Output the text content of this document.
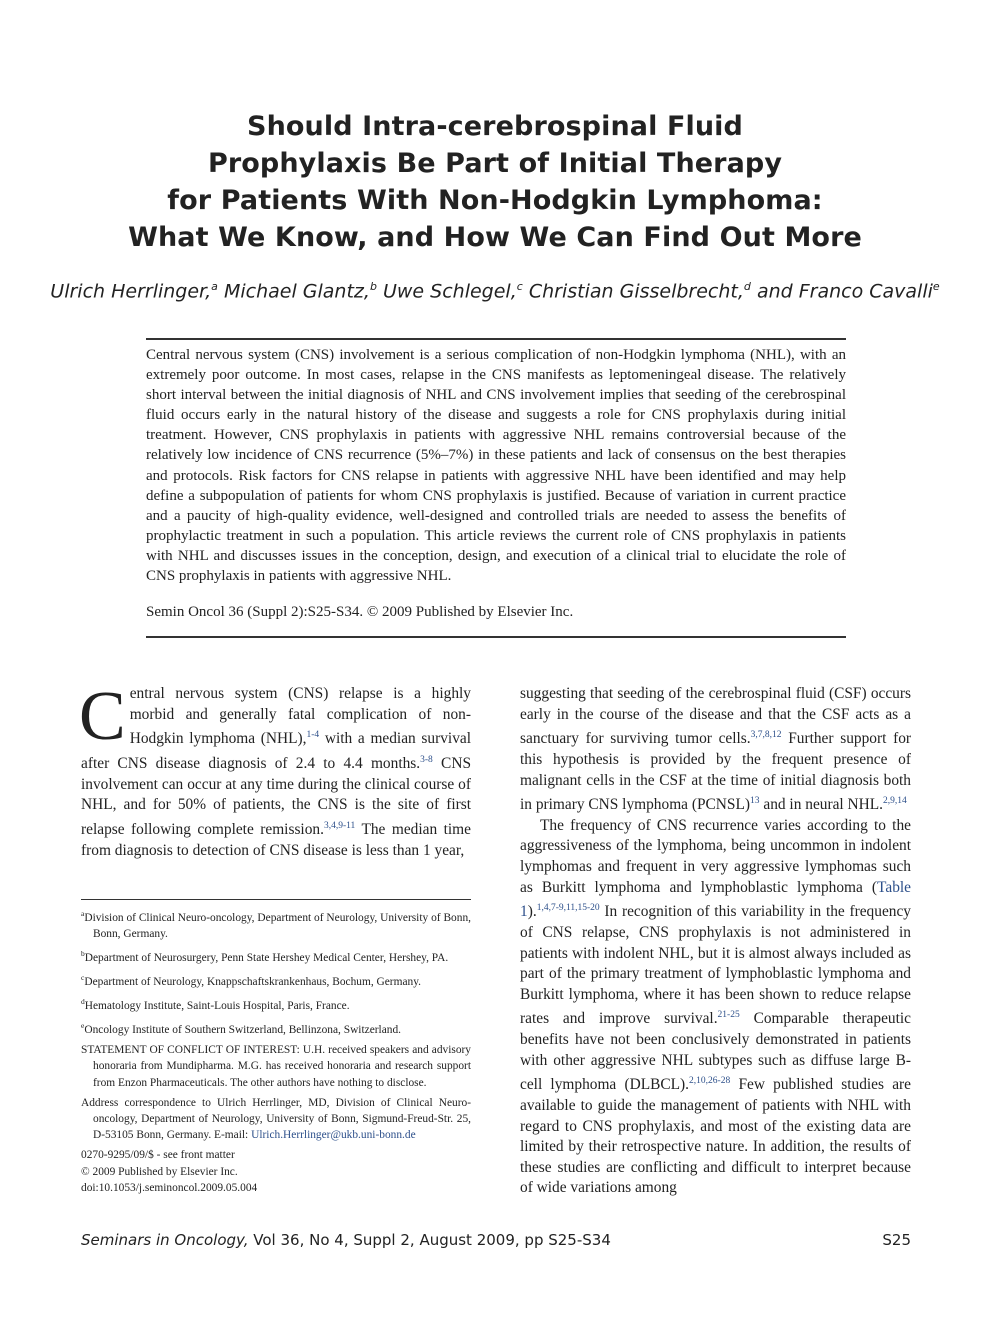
Should Intra-cerebrospinal Fluid
Prophylaxis Be Part of Initial Therapy
for Patients With Non-Hodgkin Lymphoma:
What We Know, and How We Can Find Out More
Ulrich Herrlinger,$^a$ Michael Glantz,$^b$ Uwe Schlegel,$^c$ Christian Gisselbrecht,$^d$ and Franco Cavalli$^e$
Central nervous system (CNS) involvement is a serious complication of non-Hodgkin lymphoma (NHL), with an extremely poor outcome. In most cases, relapse in the CNS manifests as leptomeningeal disease. The relatively short interval between the initial diagnosis of NHL and CNS involvement implies that seeding of the cerebrospinal fluid occurs early in the natural history of the disease and suggests a role for CNS prophylaxis during initial treatment. However, CNS prophylaxis in patients with aggressive NHL remains controversial because of the relatively low incidence of CNS recurrence (5%–7%) in these patients and lack of consensus on the best therapies and protocols. Risk factors for CNS relapse in patients with aggressive NHL have been identified and may help define a subpopulation of patients for whom CNS prophylaxis is justified. Because of variation in current practice and a paucity of high-quality evidence, well-designed and controlled trials are needed to assess the benefits of prophylactic treatment in such a population. This article reviews the current role of CNS prophylaxis in patients with NHL and discusses issues in the conception, design, and execution of a clinical trial to elucidate the role of CNS prophylaxis in patients with aggressive NHL.
Semin Oncol 36 (Suppl 2):S25-S34. © 2009 Published by Elsevier Inc.
Central nervous system (CNS) relapse is a highly morbid and generally fatal complication of non-Hodgkin lymphoma (NHL),$^{1-4}$ with a median survival after CNS disease diagnosis of 2.4 to 4.4 months.$^{3-8}$ CNS involvement can occur at any time during the clinical course of NHL, and for 50% of patients, the CNS is the site of first relapse following complete remission.$^{3,4,9-11}$ The median time from diagnosis to detection of CNS disease is less than 1 year,
$^a$Division of Clinical Neuro-oncology, Department of Neurology, University of Bonn, Bonn, Germany.
$^b$Department of Neurosurgery, Penn State Hershey Medical Center, Hershey, PA.
$^c$Department of Neurology, Knappschaftskrankenhaus, Bochum, Germany.
$^d$Hematology Institute, Saint-Louis Hospital, Paris, France.
$^e$Oncology Institute of Southern Switzerland, Bellinzona, Switzerland.
STATEMENT OF CONFLICT OF INTEREST: U.H. received speakers and advisory honoraria from Mundipharma. M.G. has received honoraria and research support from Enzon Pharmaceuticals. The other authors have nothing to disclose.
Address correspondence to Ulrich Herrlinger, MD, Division of Clinical Neuro-oncology, Department of Neurology, University of Bonn, Sigmund-Freud-Str. 25, D-53105 Bonn, Germany. E-mail: Ulrich.Herrlinger@ukb.uni-bonn.de
0270-9295/09/$ - see front matter
© 2009 Published by Elsevier Inc.
doi:10.1053/j.seminoncol.2009.05.004

suggesting that seeding of the cerebrospinal fluid (CSF) occurs early in the course of the disease and that the CSF acts as a sanctuary for surviving tumor cells.$^{3,7,8,12}$ Further support for this hypothesis is provided by the frequent presence of malignant cells in the CSF at the time of initial diagnosis both in primary CNS lymphoma (PCNSL)$^{13}$ and in neural NHL.$^{2,9,14}$

The frequency of CNS recurrence varies according to the aggressiveness of the lymphoma, being uncommon in indolent lymphomas and frequent in very aggressive lymphomas such as Burkitt lymphoma and lymphoblastic lymphoma (Table 1).$^{1,4,7-9,11,15-20}$ In recognition of this variability in the frequency of CNS relapse, CNS prophylaxis is not administered in patients with indolent NHL, but it is almost always included as part of the primary treatment of lymphoblastic lymphoma and Burkitt lymphoma, where it has been shown to reduce relapse rates and improve survival.$^{21-25}$ Comparable therapeutic benefits have not been conclusively demonstrated in patients with other aggressive NHL subtypes such as diffuse large B-cell lymphoma (DLBCL).$^{2,10,26-28}$ Few published studies are available to guide the management of patients with NHL with regard to CNS prophylaxis, and most of the existing data are limited by their retrospective nature. In addition, the results of these studies are conflicting and difficult to interpret because of wide variations among

Seminars in Oncology, Vol 36, No 4, Suppl 2, August 2009, pp S25-S34	S25
